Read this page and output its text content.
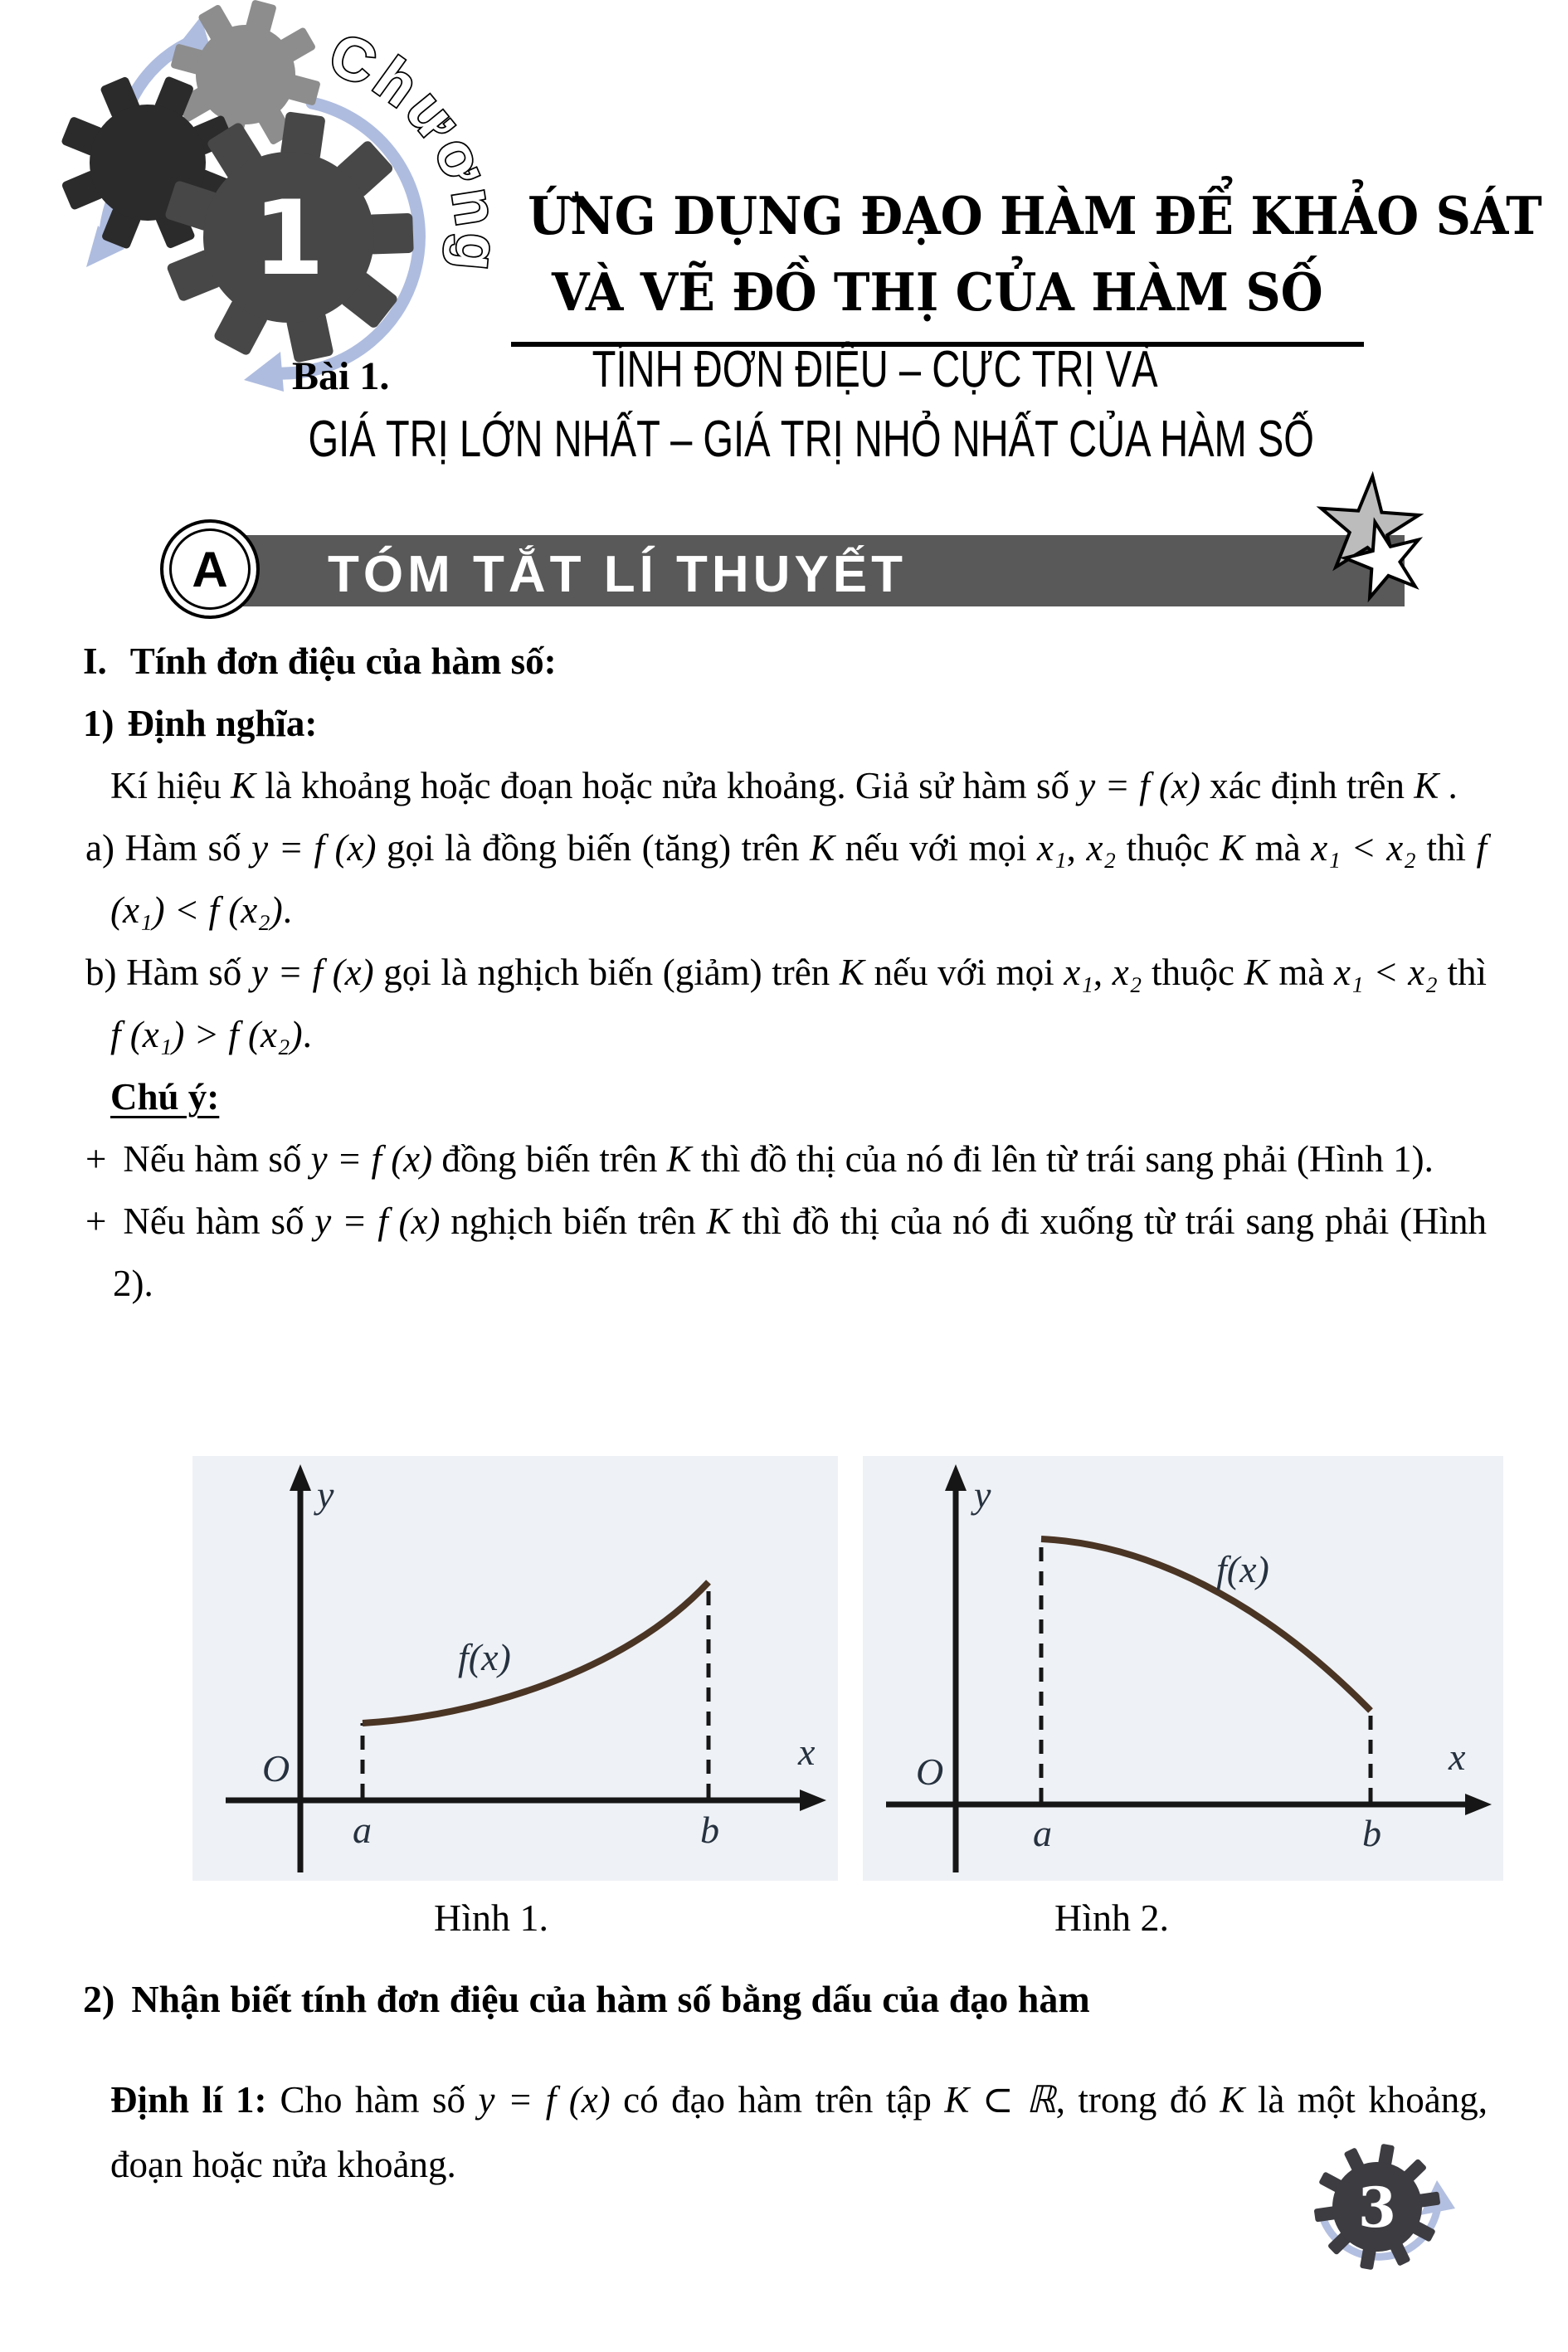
1
Chương
ỨNG DỤNG ĐẠO HÀM ĐỂ KHẢO SÁT
VÀ VẼ ĐỒ THỊ CỦA HÀM SỐ
Bài 1.	TÍNH ĐƠN ĐIỆU – CỰC TRỊ VÀ
GIÁ TRỊ LỚN NHẤT – GIÁ TRỊ NHỎ NHẤT CỦA HÀM SỐ
TÓM TẮT LÍ THUYẾT
A

I. Tính đơn điệu của hàm số:

1) Định nghĩa:

Kí hiệu K là khoảng hoặc đoạn hoặc nửa khoảng. Giả sử hàm số y = f (x) xác định trên K .

a) Hàm số y = f (x) gọi là đồng biến (tăng) trên K nếu với mọi x₁, x₂ thuộc K mà x₁ < x₂ thì f (x₁) < f (x₂).

b) Hàm số y = f (x) gọi là nghịch biến (giảm) trên K nếu với mọi x₁, x₂ thuộc K mà x₁ < x₂ thì f (x₁) > f (x₂).

Chú ý:

+ Nếu hàm số y = f (x) đồng biến trên K thì đồ thị của nó đi lên từ trái sang phải (Hình 1).

+ Nếu hàm số y = f (x) nghịch biến trên K thì đồ thị của nó đi xuống từ trái sang phải (Hình 2).

y
x
O
a	b
f(x)
Hình 1.
y
x
O
a	b
f(x)
Hình 2.
2) Nhận biết tính đơn điệu của hàm số bằng dấu của đạo hàm

Định lí 1: Cho hàm số y = f (x) có đạo hàm trên tập K ⊂ ℝ, trong đó K là một khoảng, đoạn hoặc nửa khoảng.

3
